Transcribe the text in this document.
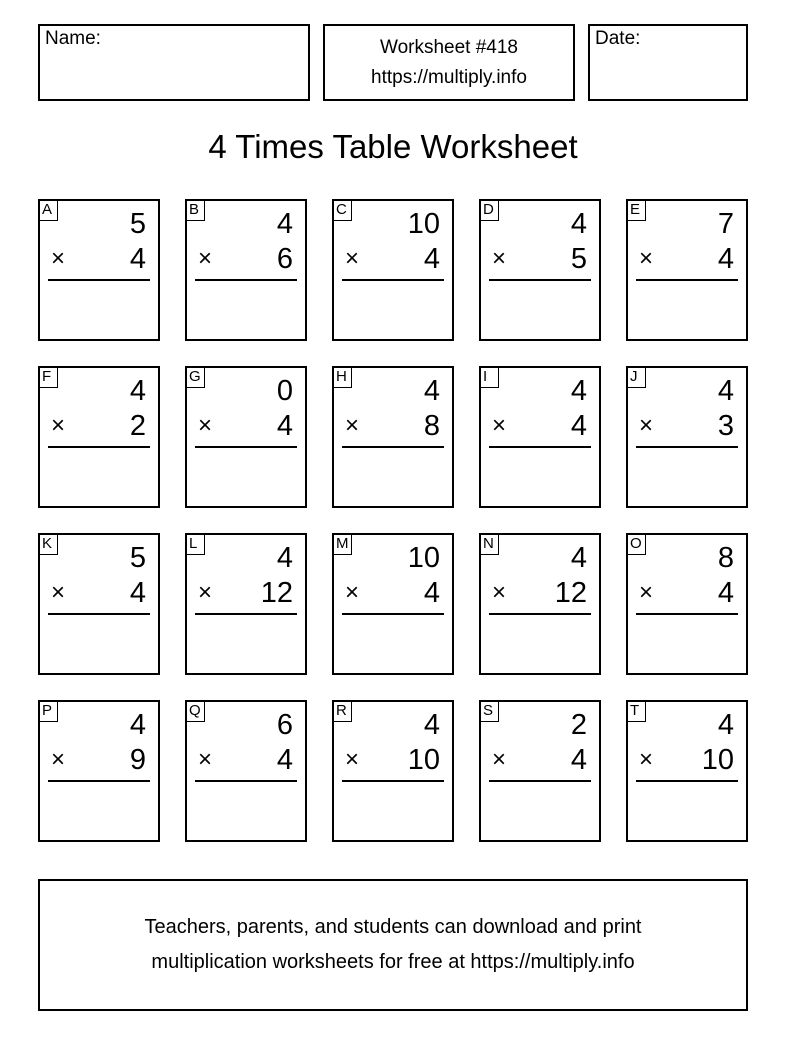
Name:	Worksheet #418
https://multiply.info
Date:
4 Times Table Worksheet
A	5
× 4
B	4
× 6
C 10
× 4
D	4
× 5
E	7
× 4
F	4
× 2
G	0
× 4
H	4
× 8
I	4
× 4
J	4
× 3
K	5
× 4
L	4
× 12
M 10
× 4
N	4
× 12
O	8
× 4
P	4
× 9
Q	6
× 4
R	4
× 10
S	2
× 4
T	4
× 10
Teachers, parents, and students can download and print
multiplication worksheets for free at https://multiply.info
